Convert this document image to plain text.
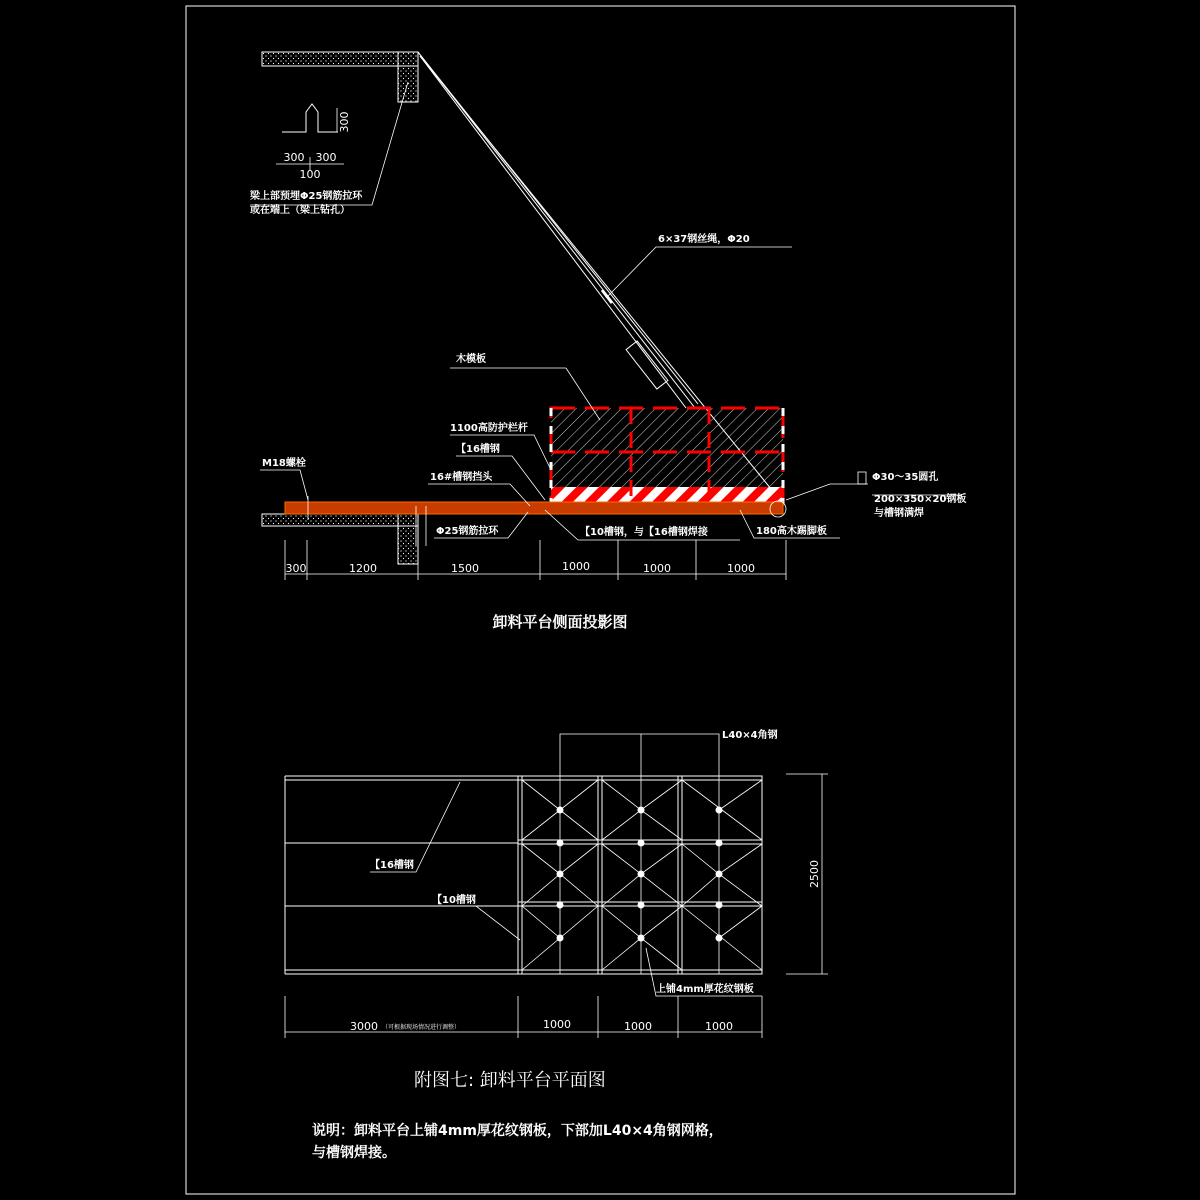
300
300 300
100
梁上部预埋Φ25钢筋拉环
或在端上（梁上钻孔）
6×37钢丝绳，Φ20
木模板
1100高防护栏杆
【16槽钢
M18螺栓
16#槽钢挡头
Φ25钢筋拉环	【10槽钢，与【16槽钢焊接	180高木踢脚板
Φ30～35圆孔
200×350×20钢板
与槽钢满焊
300	1200	1500	1000	1000	1000
卸料平台侧面投影图
L40×4角钢
【16槽钢
【10槽钢
上铺4mm厚花纹钢板
2500
3000 （可根据现场情况进行调整）	1000	1000	1000
附图七: 卸料平台平面图
说明：卸料平台上铺4mm厚花纹钢板，下部加L40×4角钢网格，
与槽钢焊接。
